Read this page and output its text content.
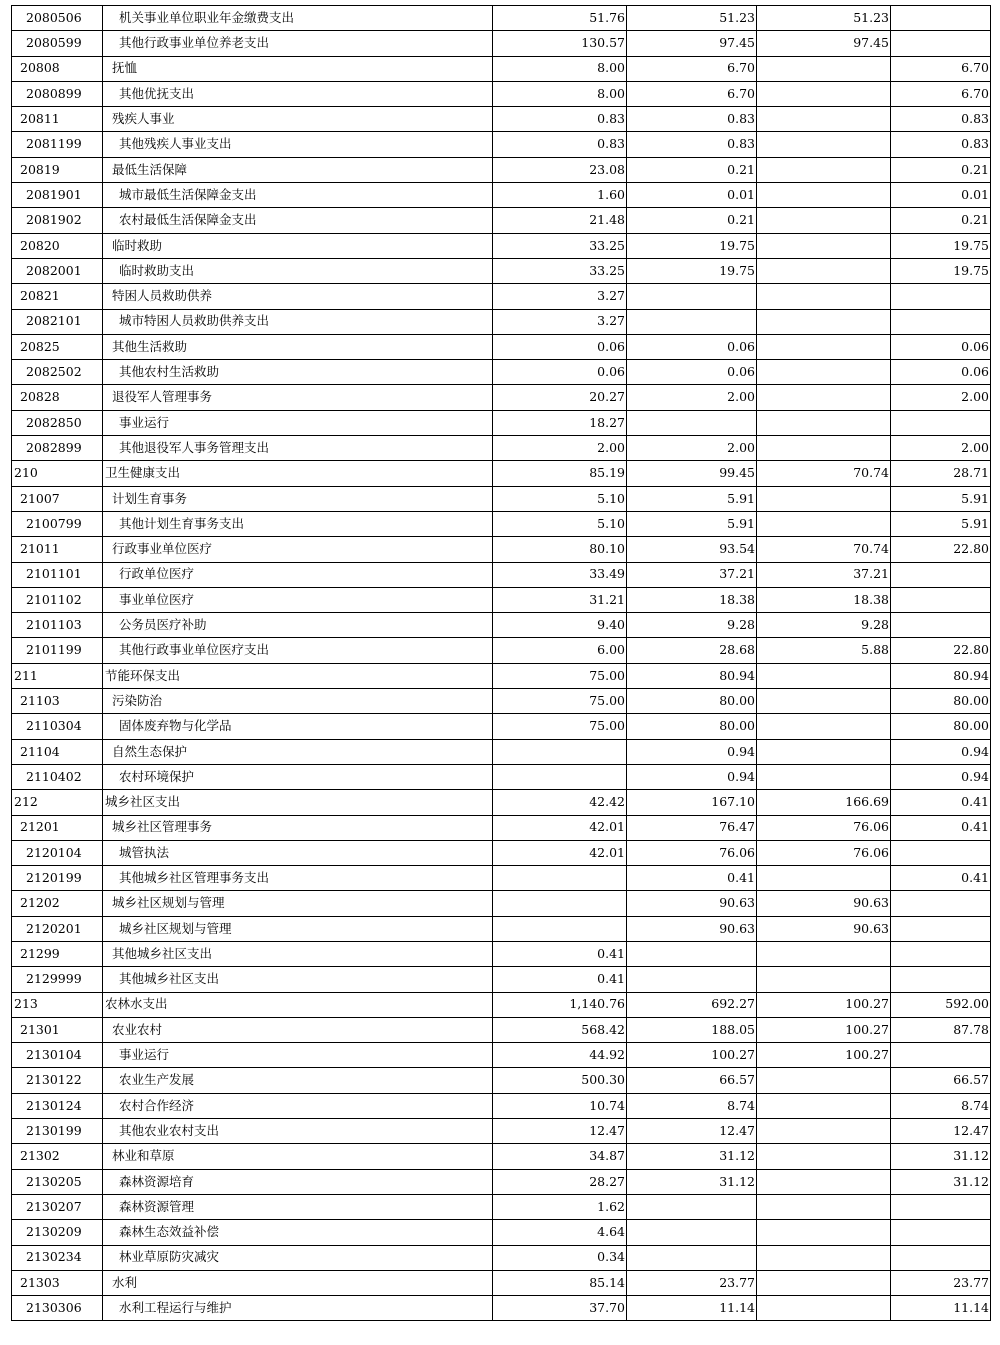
2080506	机关事业单位职业年金缴费支出	51.76	51.23	51.23	
2080599	其他行政事业单位养老支出	130.57	97.45	97.45	
20808	抚恤	8.00	6.70		6.70
2080899	其他优抚支出	8.00	6.70		6.70
20811	残疾人事业	0.83	0.83		0.83
2081199	其他残疾人事业支出	0.83	0.83		0.83
20819	最低生活保障	23.08	0.21		0.21
2081901	城市最低生活保障金支出	1.60	0.01		0.01
2081902	农村最低生活保障金支出	21.48	0.21		0.21
20820	临时救助	33.25	19.75		19.75
2082001	临时救助支出	33.25	19.75		19.75
20821	特困人员救助供养	3.27			
2082101	城市特困人员救助供养支出	3.27			
20825	其他生活救助	0.06	0.06		0.06
2082502	其他农村生活救助	0.06	0.06		0.06
20828	退役军人管理事务	20.27	2.00		2.00
2082850	事业运行	18.27			
2082899	其他退役军人事务管理支出	2.00	2.00		2.00
210	卫生健康支出	85.19	99.45	70.74	28.71
21007	计划生育事务	5.10	5.91		5.91
2100799	其他计划生育事务支出	5.10	5.91		5.91
21011	行政事业单位医疗	80.10	93.54	70.74	22.80
2101101	行政单位医疗	33.49	37.21	37.21	
2101102	事业单位医疗	31.21	18.38	18.38	
2101103	公务员医疗补助	9.40	9.28	9.28	
2101199	其他行政事业单位医疗支出	6.00	28.68	5.88	22.80
211	节能环保支出	75.00	80.94		80.94
21103	污染防治	75.00	80.00		80.00
2110304	固体废弃物与化学品	75.00	80.00		80.00
21104	自然生态保护		0.94		0.94
2110402	农村环境保护		0.94		0.94
212	城乡社区支出	42.42	167.10	166.69	0.41
21201	城乡社区管理事务	42.01	76.47	76.06	0.41
2120104	城管执法	42.01	76.06	76.06	
2120199	其他城乡社区管理事务支出		0.41		0.41
21202	城乡社区规划与管理		90.63	90.63	
2120201	城乡社区规划与管理		90.63	90.63	
21299	其他城乡社区支出	0.41			
2129999	其他城乡社区支出	0.41			
213	农林水支出	1,140.76	692.27	100.27	592.00
21301	农业农村	568.42	188.05	100.27	87.78
2130104	事业运行	44.92	100.27	100.27	
2130122	农业生产发展	500.30	66.57		66.57
2130124	农村合作经济	10.74	8.74		8.74
2130199	其他农业农村支出	12.47	12.47		12.47
21302	林业和草原	34.87	31.12		31.12
2130205	森林资源培育	28.27	31.12		31.12
2130207	森林资源管理	1.62			
2130209	森林生态效益补偿	4.64			
2130234	林业草原防灾减灾	0.34			
21303	水利	85.14	23.77		23.77
2130306	水利工程运行与维护	37.70	11.14		11.14
